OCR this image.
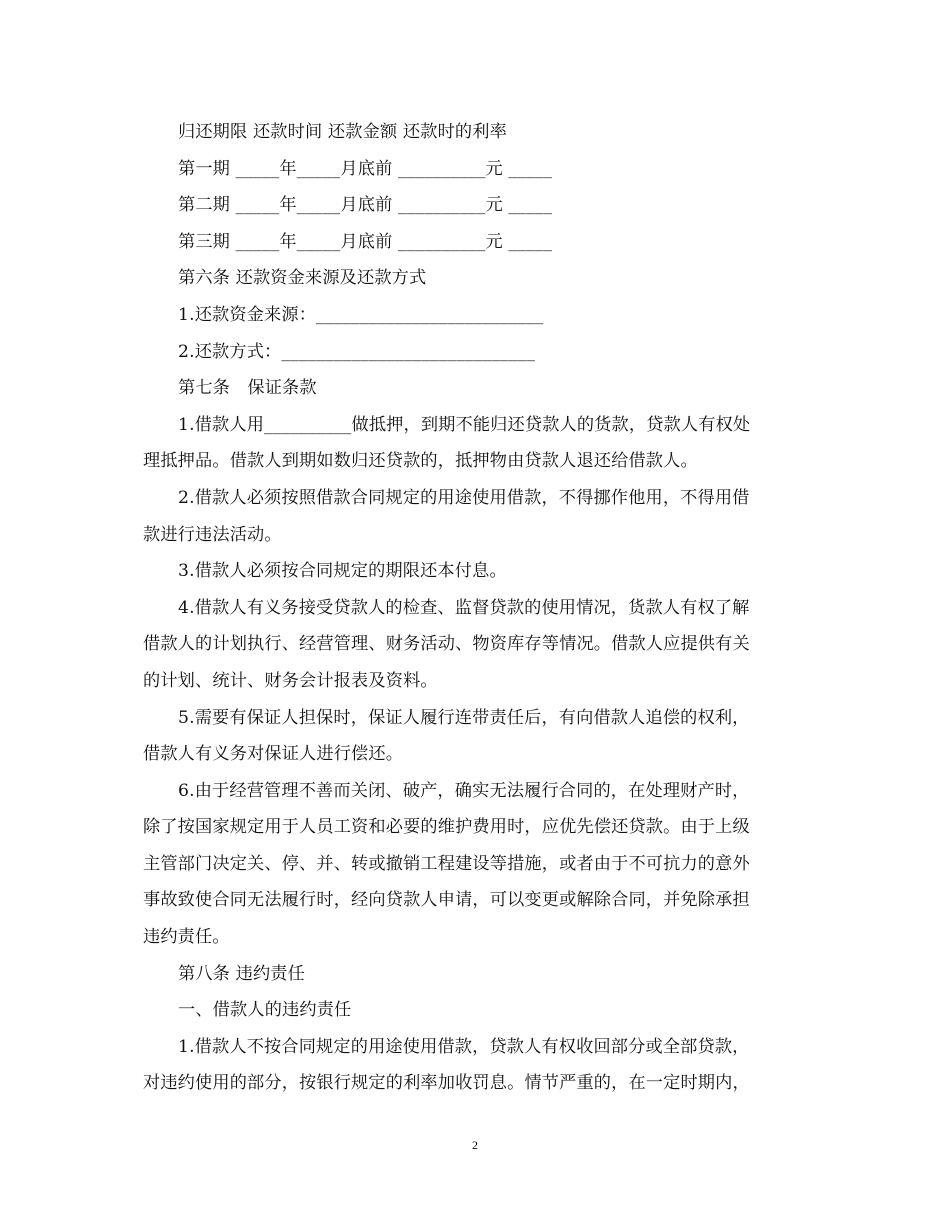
归还期限 还款时间 还款金额 还款时的利率
第一期 _____年_____月底前 __________元 _____
第二期 _____年_____月底前 __________元 _____
第三期 _____年_____月底前 __________元 _____
第六条 还款资金来源及还款方式
1.还款资金来源：__________________________
2.还款方式：_____________________________
第七条　保证条款
1.借款人用__________做抵押，到期不能归还贷款人的货款，贷款人有权处
理抵押品。借款人到期如数归还贷款的，抵押物由贷款人退还给借款人。
2.借款人必须按照借款合同规定的用途使用借款，不得挪作他用，不得用借
款进行违法活动。
3.借款人必须按合同规定的期限还本付息。
4.借款人有义务接受贷款人的检查、监督贷款的使用情况，货款人有权了解
借款人的计划执行、经营管理、财务活动、物资库存等情况。借款人应提供有关
的计划、统计、财务会计报表及资料。
5.需要有保证人担保时，保证人履行连带责任后，有向借款人追偿的权利，
借款人有义务对保证人进行偿还。
6.由于经营管理不善而关闭、破产，确实无法履行合同的，在处理财产时，
除了按国家规定用于人员工资和必要的维护费用时，应优先偿还贷款。由于上级
主管部门决定关、停、并、转或撤销工程建设等措施，或者由于不可抗力的意外
事故致使合同无法履行时，经向贷款人申请，可以变更或解除合同，并免除承担
违约责任。
第八条 违约责任
一、借款人的违约责任
1.借款人不按合同规定的用途使用借款，贷款人有权收回部分或全部贷款，
对违约使用的部分，按银行规定的利率加收罚息。情节严重的，在一定时期内，
2
